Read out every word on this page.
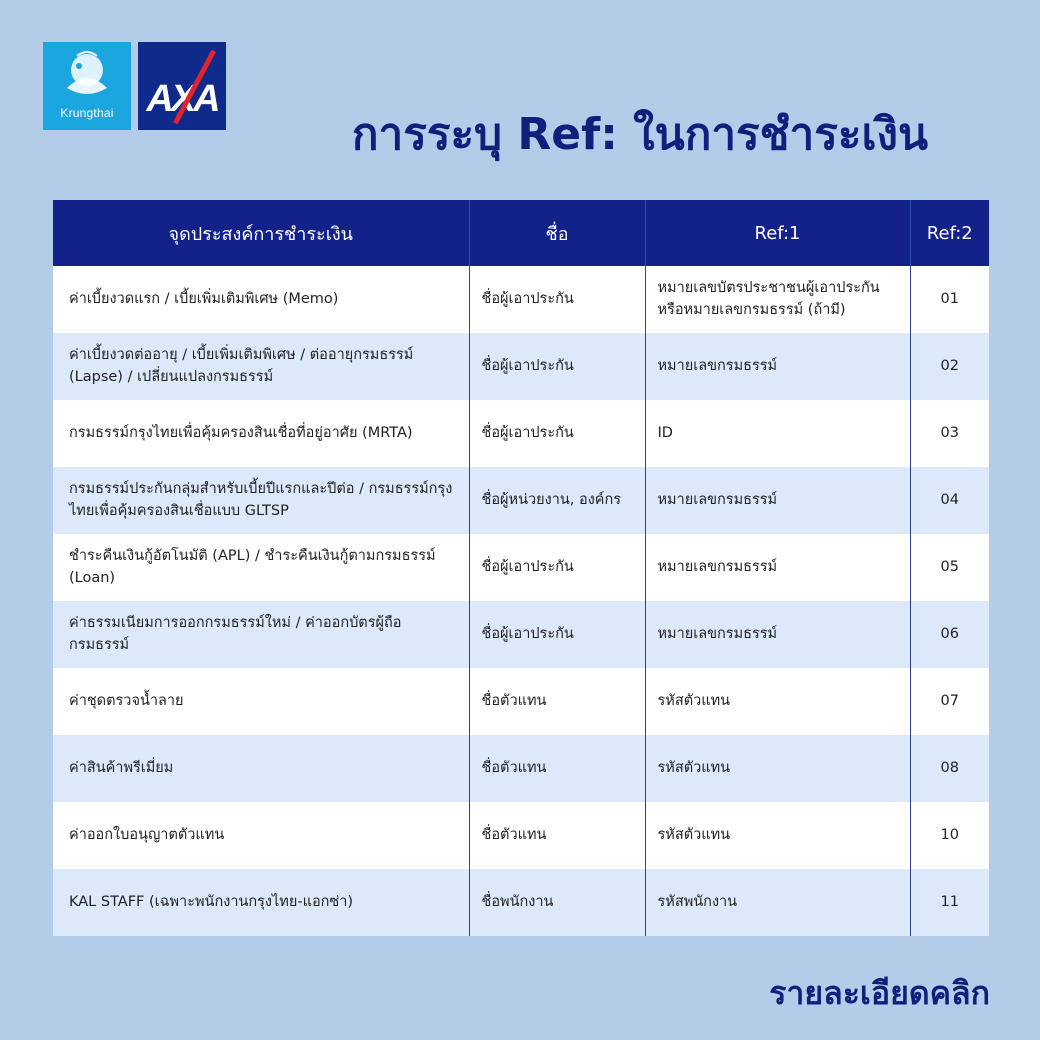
Krungthai AXA
การระบุ Ref: ในการชำระเงิน
จุดประสงค์การชำระเงิน	ชื่อ	Ref:1	Ref:2
ค่าเบี้ยงวดแรก / เบี้ยเพิ่มเติมพิเศษ (Memo)	ชื่อผู้เอาประกัน	หมายเลขบัตรประชาชนผู้เอาประกัน หรือหมายเลขกรมธรรม์ (ถ้ามี)	01
ค่าเบี้ยงวดต่ออายุ / เบี้ยเพิ่มเติมพิเศษ / ต่ออายุกรมธรรม์ (Lapse) / เปลี่ยนแปลงกรมธรรม์	ชื่อผู้เอาประกัน	หมายเลขกรมธรรม์	02
กรมธรรม์กรุงไทยเพื่อคุ้มครองสินเชื่อที่อยู่อาศัย (MRTA)	ชื่อผู้เอาประกัน	ID	03
กรมธรรม์ประกันกลุ่มสำหรับเบี้ยปีแรกและปีต่อ / กรมธรรม์กรุงไทยเพื่อคุ้มครองสินเชื่อแบบ GLTSP	ชื่อผู้หน่วยงาน, องค์กร	หมายเลขกรมธรรม์	04
ชำระคืนเงินกู้อัตโนมัติ (APL) / ชำระคืนเงินกู้ตามกรมธรรม์ (Loan)	ชื่อผู้เอาประกัน	หมายเลขกรมธรรม์	05
ค่าธรรมเนียมการออกกรมธรรม์ใหม่ / ค่าออกบัตรผู้ถือกรมธรรม์	ชื่อผู้เอาประกัน	หมายเลขกรมธรรม์	06
ค่าชุดตรวจน้ำลาย	ชื่อตัวแทน	รหัสตัวแทน	07
ค่าสินค้าพรีเมี่ยม	ชื่อตัวแทน	รหัสตัวแทน	08
ค่าออกใบอนุญาตตัวแทน	ชื่อตัวแทน	รหัสตัวแทน	10
KAL STAFF (เฉพาะพนักงานกรุงไทย-แอกซ่า)	ชื่อพนักงาน	รหัสพนักงาน	11
รายละเอียดคลิก
